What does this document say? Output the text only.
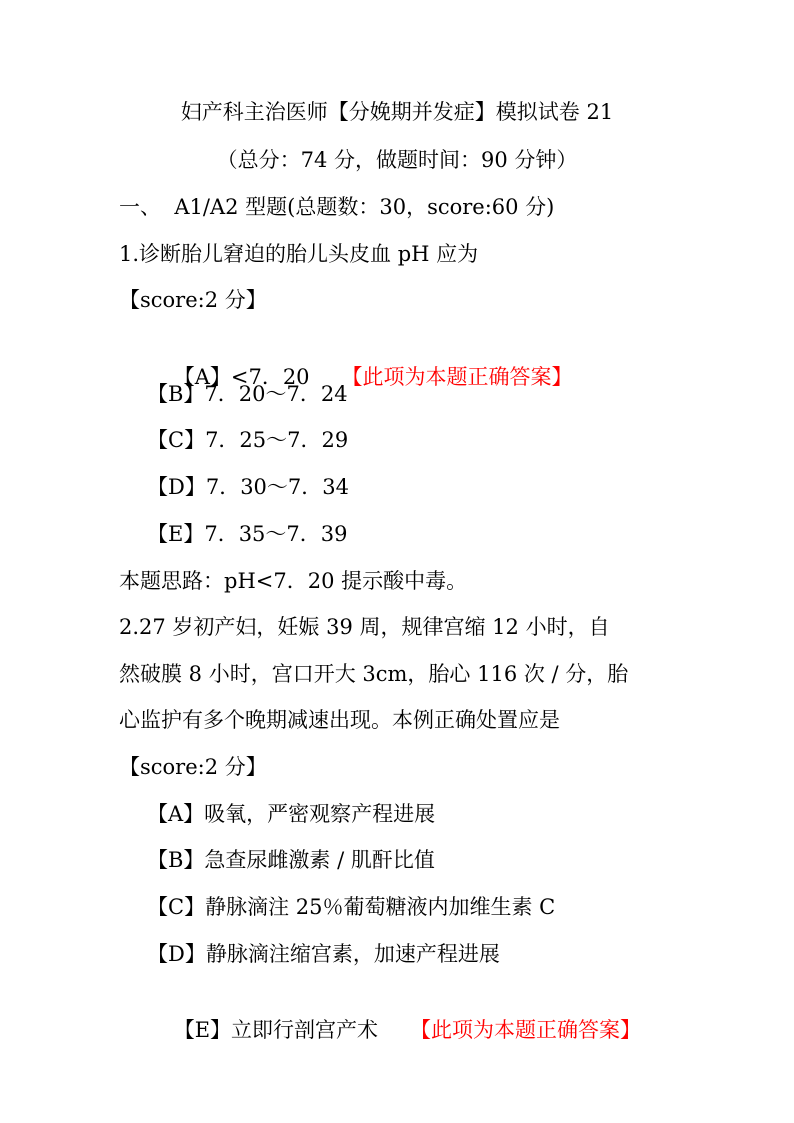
妇产科主治医师【分娩期并发症】模拟试卷 21
（总分：74 分，做题时间：90 分钟）
一、  A1/A2 型题(总题数：30，score:60 分)
1.诊断胎儿窘迫的胎儿头皮血 pH 应为
【score:2 分】

【A】<7．20 【此项为本题正确答案】

【B】7．20～7．24
【C】7．25～7．29
【D】7．30～7．34
【E】7．35～7．39
本题思路：pH<7．20 提示酸中毒。
2.27 岁初产妇，妊娠 39 周，规律宫缩 12 小时，自
然破膜 8 小时，宫口开大 3cm，胎心 116 次 / 分，胎
心监护有多个晚期减速出现。本例正确处置应是
【score:2 分】
【A】吸氧，严密观察产程进展
【B】急查尿雌激素 / 肌酐比值
【C】静脉滴注 25％葡萄糖液内加维生素 C
【D】静脉滴注缩宫素，加速产程进展

【E】立即行剖宫产术 【此项为本题正确答案】
